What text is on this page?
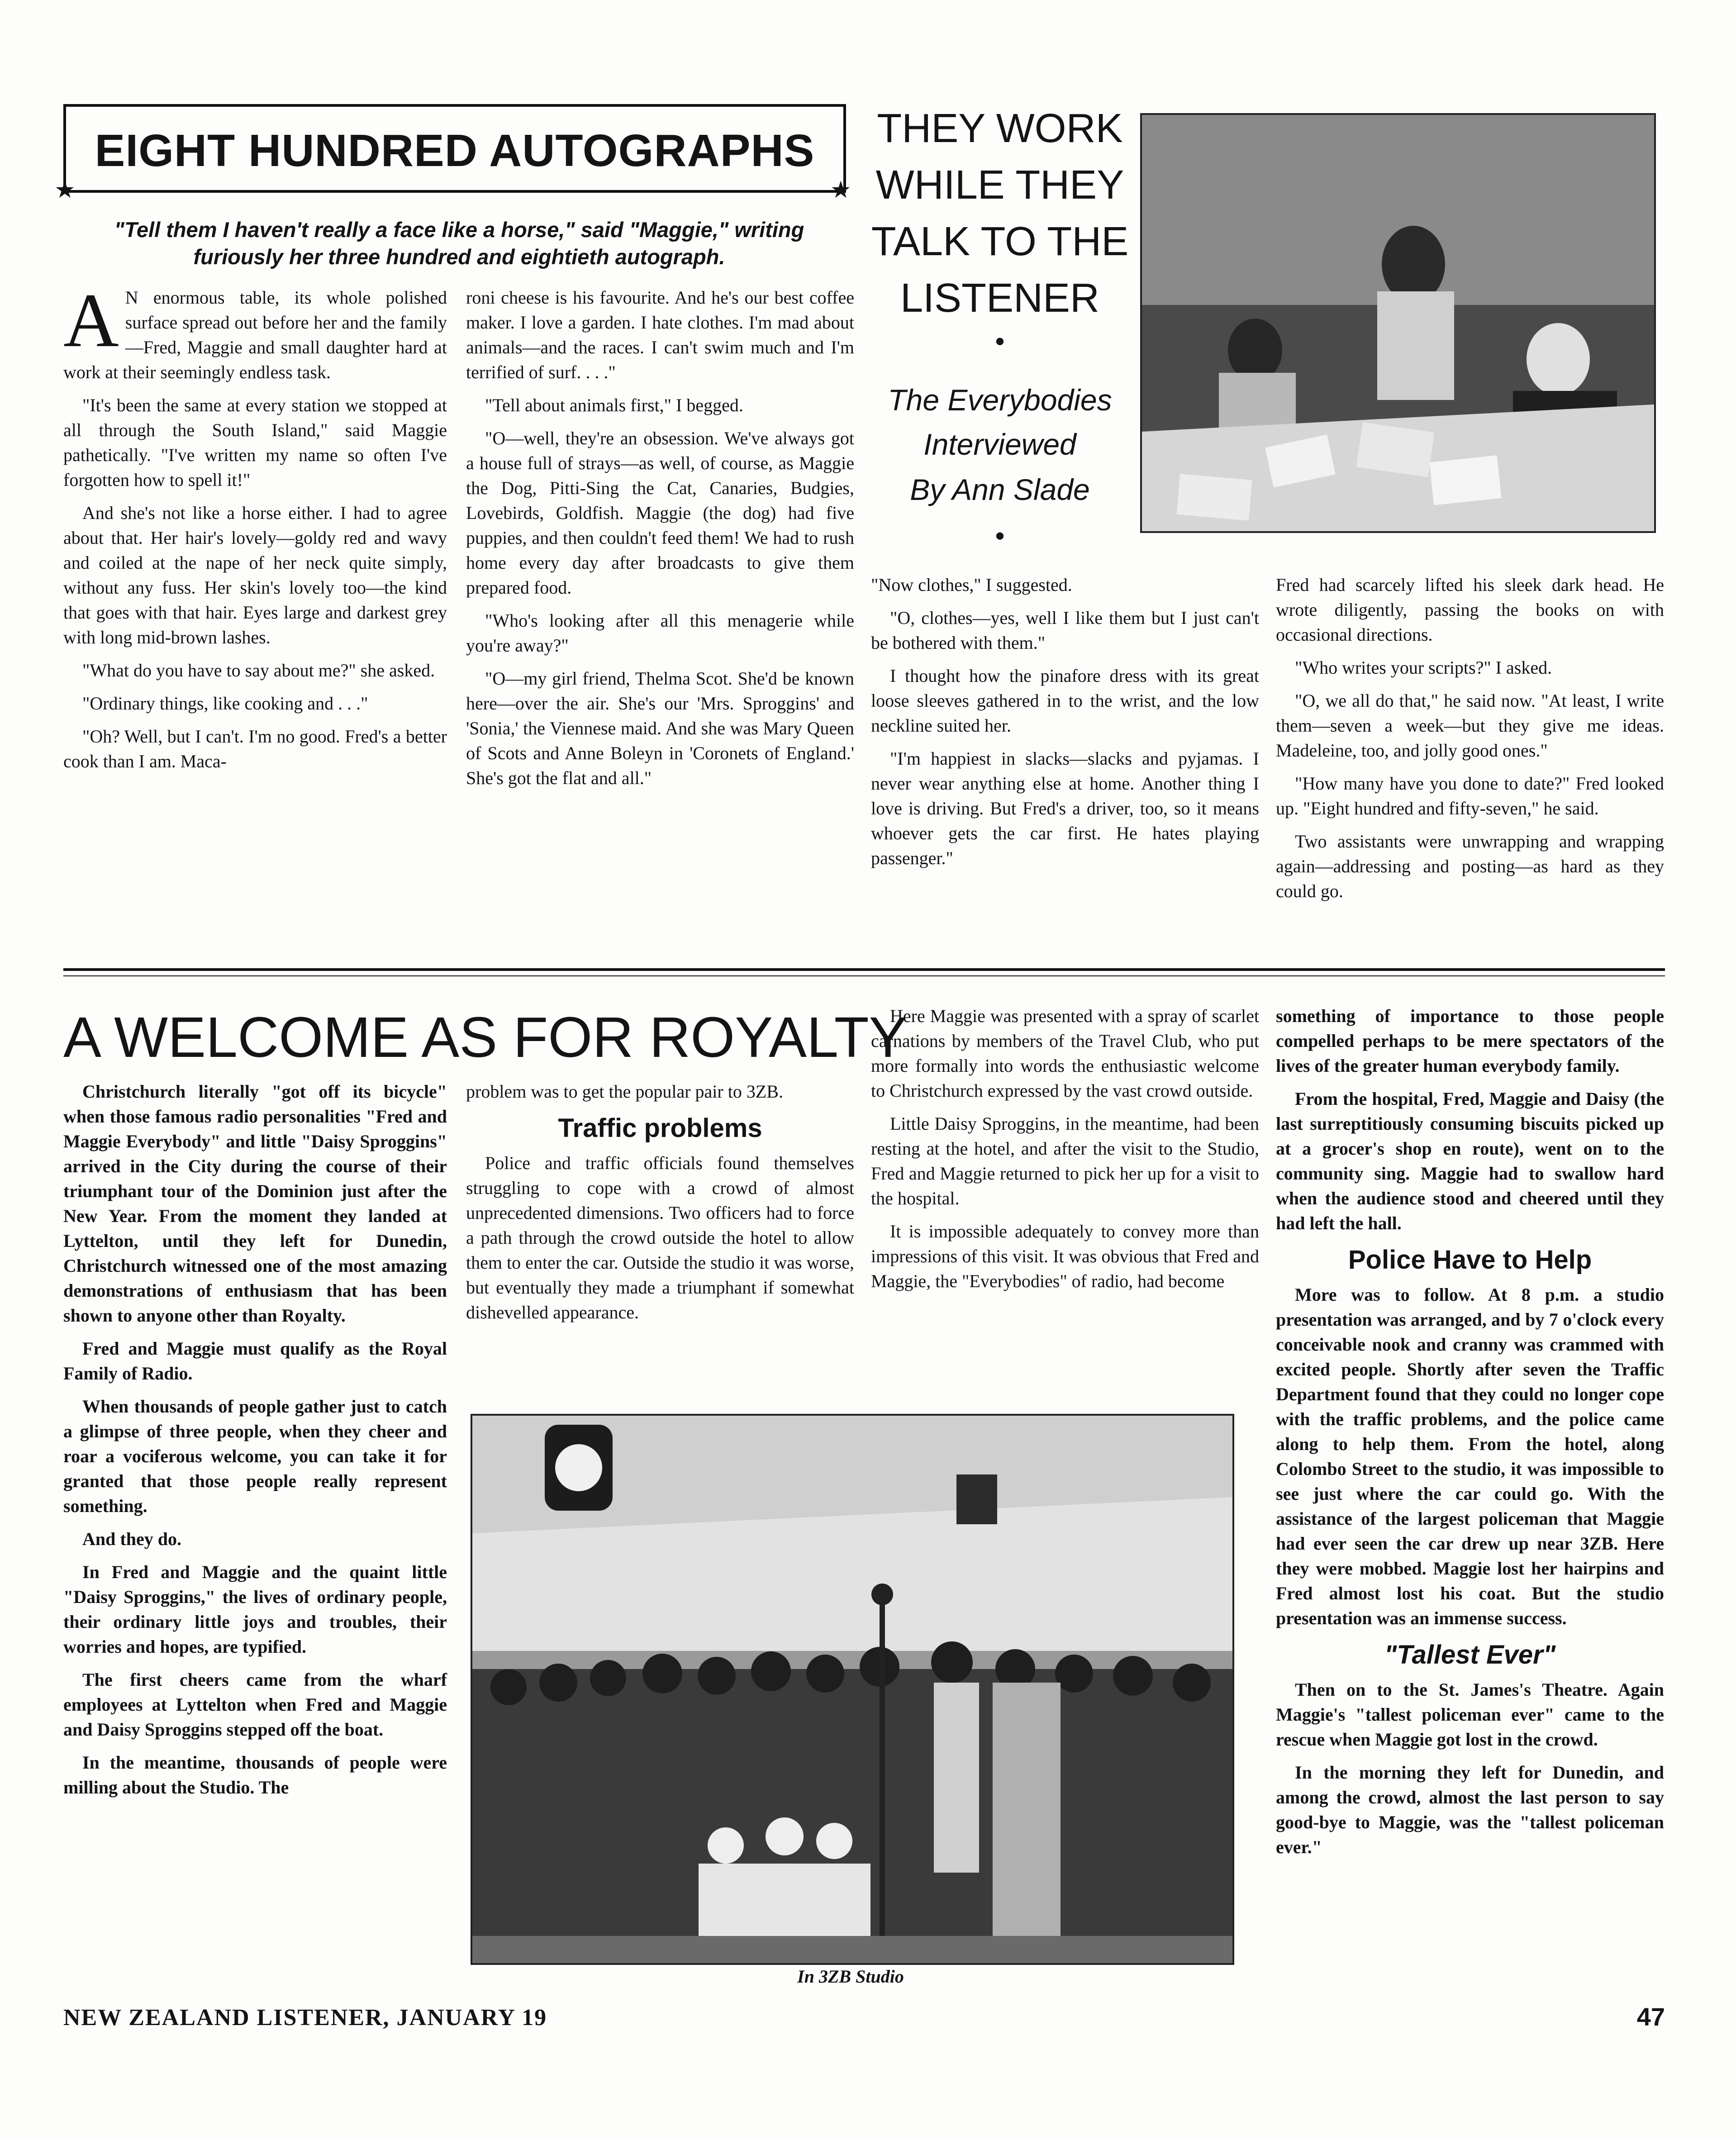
★	★
EIGHT HUNDRED AUTOGRAPHS
"Tell them I haven't really a face like a horse," said "Maggie," writing furiously her three hundred and eightieth autograph.

A N enormous table, its whole polished surface spread out before her and the family—Fred, Maggie and small daughter hard at work at their seemingly endless task.

"It's been the same at every station we stopped at all through the South Island," said Maggie pathetically. "I've written my name so often I've forgotten how to spell it!"

And she's not like a horse either. I had to agree about that. Her hair's lovely—goldy red and wavy and coiled at the nape of her neck quite simply, without any fuss. Her skin's lovely too—the kind that goes with that hair. Eyes large and darkest grey with long mid-brown lashes.

"What do you have to say about me?" she asked.

"Ordinary things, like cooking and . . ."

"Oh? Well, but I can't. I'm no good. Fred's a better cook than I am. Maca-

roni cheese is his favourite. And he's our best coffee maker. I love a garden. I hate clothes. I'm mad about animals—and the races. I can't swim much and I'm terrified of surf. . . ."

"Tell about animals first," I begged.

"O—well, they're an obsession. We've always got a house full of strays—as well, of course, as Maggie the Dog, Pitti-Sing the Cat, Canaries, Budgies, Lovebirds, Goldfish. Maggie (the dog) had five puppies, and then couldn't feed them! We had to rush home every day after broadcasts to give them prepared food.

"Who's looking after all this menagerie while you're away?"

"O—my girl friend, Thelma Scot. She'd be known here—over the air. She's our 'Mrs. Sproggins' and 'Sonia,' the Viennese maid. And she was Mary Queen of Scots and Anne Boleyn in 'Coronets of England.' She's got the flat and all."

THEY WORK WHILE THEY TALK TO THE LISTENER
•
The Everybodies Interviewed
By Ann Slade
•

"Now clothes," I suggested.

"O, clothes—yes, well I like them but I just can't be bothered with them."

I thought how the pinafore dress with its great loose sleeves gathered in to the wrist, and the low neckline suited her.

"I'm happiest in slacks—slacks and pyjamas. I never wear anything else at home. Another thing I love is driving. But Fred's a driver, too, so it means whoever gets the car first. He hates playing passenger."

Fred had scarcely lifted his sleek dark head. He wrote diligently, passing the books on with occasional directions.

"Who writes your scripts?" I asked.

"O, we all do that," he said now. "At least, I write them—seven a week—but they give me ideas. Madeleine, too, and jolly good ones."

"How many have you done to date?" Fred looked up. "Eight hundred and fifty-seven," he said.

Two assistants were unwrapping and wrapping again—addressing and posting—as hard as they could go.

A WELCOME AS FOR ROYALTY

Christchurch literally "got off its bicycle" when those famous radio personalities "Fred and Maggie Everybody" and little "Daisy Sproggins" arrived in the City during the course of their triumphant tour of the Dominion just after the New Year. From the moment they landed at Lyttelton, until they left for Dunedin, Christchurch witnessed one of the most amazing demonstrations of enthusiasm that has been shown to anyone other than Royalty.

Fred and Maggie must qualify as the Royal Family of Radio.

When thousands of people gather just to catch a glimpse of three people, when they cheer and roar a vociferous welcome, you can take it for granted that those people really represent something.

And they do.

In Fred and Maggie and the quaint little "Daisy Sproggins," the lives of ordinary people, their ordinary little joys and troubles, their worries and hopes, are typified.

The first cheers came from the wharf employees at Lyttelton when Fred and Maggie and Daisy Sproggins stepped off the boat.

In the meantime, thousands of people were milling about the Studio. The

problem was to get the popular pair to 3ZB.

Traffic problems

Police and traffic officials found themselves struggling to cope with a crowd of almost unprecedented dimensions. Two officers had to force a path through the crowd outside the hotel to allow them to enter the car. Outside the studio it was worse, but eventually they made a triumphant if somewhat dishevelled appearance.

Here Maggie was presented with a spray of scarlet carnations by members of the Travel Club, who put more formally into words the enthusiastic welcome to Christchurch expressed by the vast crowd outside.

Little Daisy Sproggins, in the meantime, had been resting at the hotel, and after the visit to the Studio, Fred and Maggie returned to pick her up for a visit to the hospital.

It is impossible adequately to convey more than impressions of this visit. It was obvious that Fred and Maggie, the "Everybodies" of radio, had become

something of importance to those people compelled perhaps to be mere spectators of the lives of the greater human everybody family.

From the hospital, Fred, Maggie and Daisy (the last surreptitiously consuming biscuits picked up at a grocer's shop en route), went on to the community sing. Maggie had to swallow hard when the audience stood and cheered until they had left the hall.

Police Have to Help

More was to follow. At 8 p.m. a studio presentation was arranged, and by 7 o'clock every conceivable nook and cranny was crammed with excited people. Shortly after seven the Traffic Department found that they could no longer cope with the traffic problems, and the police came along to help them. From the hotel, along Colombo Street to the studio, it was impossible to see just where the car could go. With the assistance of the largest policeman that Maggie had ever seen the car drew up near 3ZB. Here they were mobbed. Maggie lost her hairpins and Fred almost lost his coat. But the studio presentation was an immense success.

"Tallest Ever"

Then on to the St. James's Theatre. Again Maggie's "tallest policeman ever" came to the rescue when Maggie got lost in the crowd.

In the morning they left for Dunedin, and among the crowd, almost the last person to say good-bye to Maggie, was the "tallest policeman ever."

In 3ZB Studio
NEW ZEALAND LISTENER, JANUARY 19	47
